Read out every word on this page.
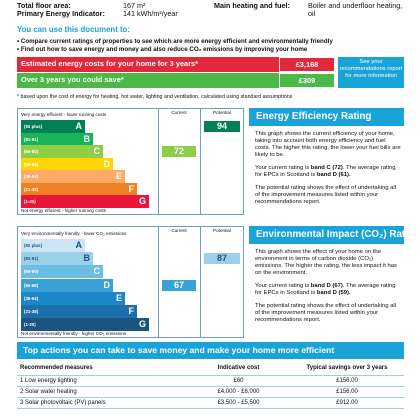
Total floor area:	167 m²
Primary Energy Indicator:	141 kWh/m²/year
Main heating and fuel:	Boiler and underfloor heating,
oil
You can use this document to:
• Compare current ratings of properties to see which are more energy efficient and environmentally friendly
• Find out how to save energy and money and also reduce CO₂ emissions by improving your home
Estimated energy costs for your home for 3 years*	£3,168
Over 3 years you could save*	£309
See your recommendations report for more information
* based upon the cost of energy for heating, hot water, lighting and ventilation, calculated using standard assumptions
Current	Potential
Very energy efficient - lower running costs
(92 plus)	A
(81-91)	B
(69-80)	C
(55-68)	D
(39-54)	E
(21-38)	F
(1-20)	G
Not energy efficient - higher running costs
72
94
Energy Efficiency Rating
This graph shows the current efficiency of your home, taking into account both energy efficiency and fuel costs. The higher this rating, the lower your fuel bills are likely to be.
Your current rating is band C (72). The average rating for EPCs in Scotland is band D (61).
The potential rating shows the effect of undertaking all of the improvement measures listed within your recommendations report.
Current	Potential
Very environmentally friendly - lower CO₂ emissions
(92 plus)	A
(81-91)	B
(69-80)	C
(55-68)	D
(39-54)	E
(21-38)	F
(1-20)	G
Not environmentally friendly - higher CO₂ emissions
67
87
Environmental Impact (CO₂) Rating
This graph shows the effect of your home on the environment in terms of carbon dioxide (CO₂) emissions. The higher the rating, the less impact it has on the environment.
Your current rating is band D (67). The average rating for EPCs in Scotland is band D (59).
The potential rating shows the effect of undertaking all of the improvement measures listed within your recommendations report.
Top actions you can take to save money and make your home more efficient
Recommended measures	Indicative cost	Typical savings over 3 years
1 Low energy lighting	£60	£156.00
2 Solar water heating	£4,000 - £6,000	£156.00
3 Solar photovoltaic (PV) panels	£3,500 - £5,500	£912.00
